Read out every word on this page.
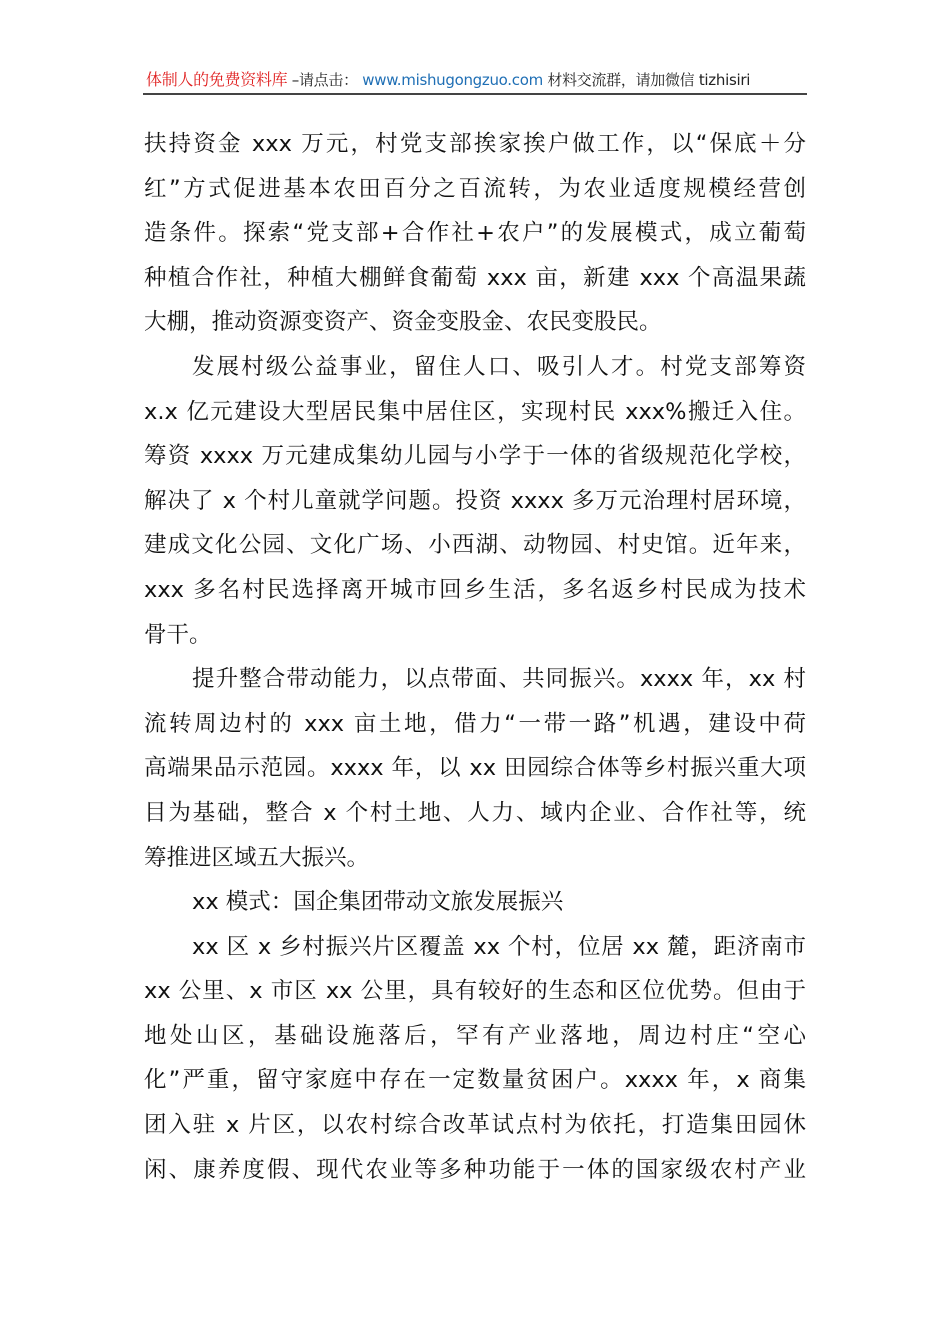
体制人的免费资料库 –请点击： www.mishugongzuo.com 材料交流群，请加微信 tizhisiri
扶持资金 xxx 万元，村党支部挨家挨户做工作，以“保底＋分
红”方式促进基本农田百分之百流转，为农业适度规模经营创
造条件。探索“党支部+合作社+农户”的发展模式，成立葡萄
种植合作社，种植大棚鲜食葡萄 xxx 亩，新建 xxx 个高温果蔬
大棚，推动资源变资产、资金变股金、农民变股民。
发展村级公益事业，留住人口、吸引人才。村党支部筹资
x.x 亿元建设大型居民集中居住区，实现村民 xxx%搬迁入住。
筹资 xxxx 万元建成集幼儿园与小学于一体的省级规范化学校，
解决了 x 个村儿童就学问题。投资 xxxx 多万元治理村居环境，
建成文化公园、文化广场、小西湖、动物园、村史馆。近年来，
xxx 多名村民选择离开城市回乡生活，多名返乡村民成为技术
骨干。
提升整合带动能力，以点带面、共同振兴。xxxx 年，xx 村
流转周边村的 xxx 亩土地，借力“一带一路”机遇，建设中荷
高端果品示范园。xxxx 年，以 xx 田园综合体等乡村振兴重大项
目为基础，整合 x 个村土地、人力、域内企业、合作社等，统
筹推进区域五大振兴。
xx 模式：国企集团带动文旅发展振兴
xx 区 x 乡村振兴片区覆盖 xx 个村，位居 xx 麓，距济南市
xx 公里、x 市区 xx 公里，具有较好的生态和区位优势。但由于
地处山区，基础设施落后，罕有产业落地，周边村庄“空心
化”严重，留守家庭中存在一定数量贫困户。xxxx 年，x 商集
团入驻 x 片区，以农村综合改革试点村为依托，打造集田园休
闲、康养度假、现代农业等多种功能于一体的国家级农村产业
